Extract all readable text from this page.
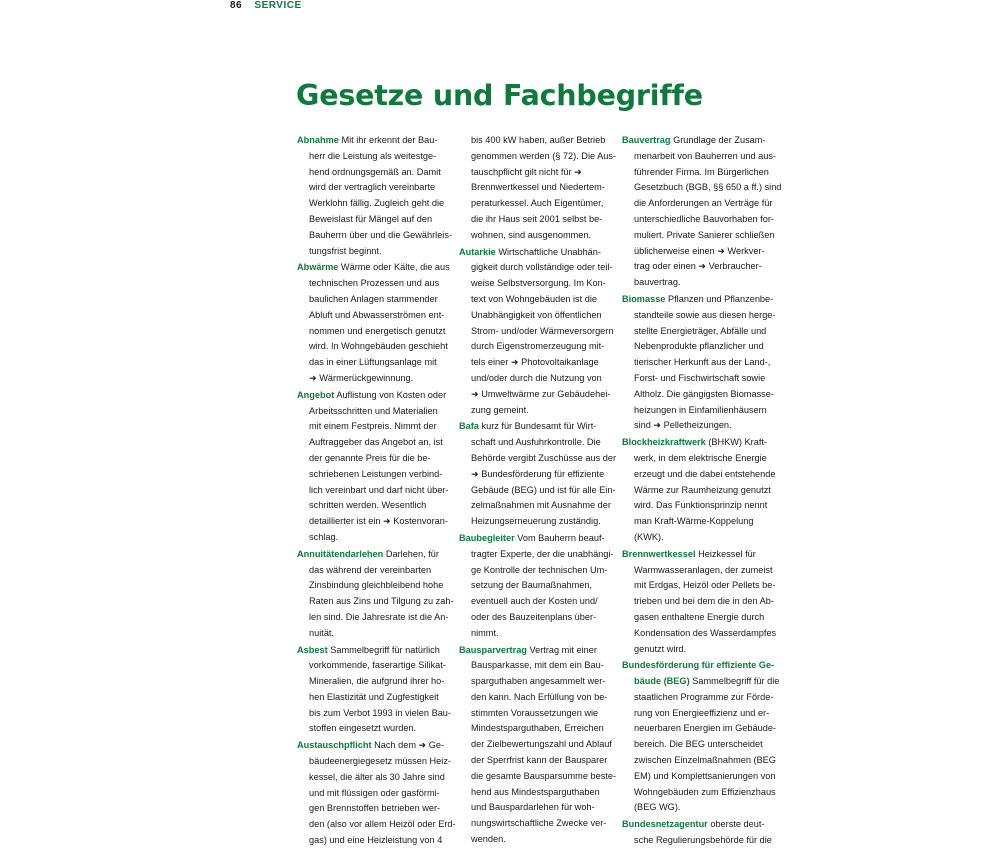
86 SERVICE
Gesetze und Fachbegriffe

Abnahme Mit ihr erkennt der Bau-
herr die Leistung als weitestge-
hend ordnungsgemäß an. Damit
wird der vertraglich vereinbarte
Werklohn fällig. Zugleich geht die
Beweislast für Mängel auf den
Bauherrn über und die Gewährleis-
tungsfrist beginnt.

Abwärme Wärme oder Kälte, die aus
technischen Prozessen und aus
baulichen Anlagen stammender
Abluft und Abwasserströmen ent-
nommen und energetisch genutzt
wird. In Wohngebäuden geschieht
das in einer Lüftungsanlage mit
➜ Wärmerückgewinnung.

Angebot Auflistung von Kosten oder
Arbeitsschritten und Materialien
mit einem Festpreis. Nimmt der
Auftraggeber das Angebot an, ist
der genannte Preis für die be-
schriebenen Leistungen verbind-
lich vereinbart und darf nicht über-
schritten werden. Wesentlich
detaillierter ist ein ➜ Kostenvoran-
schlag.

Annuitätendarlehen Darlehen, für
das während der vereinbarten
Zinsbindung gleichbleibend hohe
Raten aus Zins und Tilgung zu zah-
len sind. Die Jahresrate ist die An-
nuität.

Asbest Sammelbegriff für natürlich
vorkommende, faserartige Silikat-
Mineralien, die aufgrund ihrer ho-
hen Elastizität und Zugfestigkeit
bis zum Verbot 1993 in vielen Bau-
stoffen eingesetzt wurden.

Austauschpflicht Nach dem ➜ Ge-
bäudeenergiegesetz müssen Heiz-
kessel, die älter als 30 Jahre sind
und mit flüssigen oder gasförmi-
gen Brennstoffen betrieben wer-
den (also vor allem Heizöl oder Erd-
gas) und eine Heizleistung von 4

bis 400 kW haben, außer Betrieb
genommen werden (§ 72). Die Aus-
tauschpflicht gilt nicht für ➜
Brennwertkessel und Niedertem-
peraturkessel. Auch Eigentümer,
die ihr Haus seit 2001 selbst be-
wohnen, sind ausgenommen.

Autarkie Wirtschaftliche Unabhän-
gigkeit durch vollständige oder teil-
weise Selbstversorgung. Im Kon-
text von Wohngebäuden ist die
Unabhängigkeit von öffentlichen
Strom- und/oder Wärmeversorgern
durch Eigenstromerzeugung mit-
tels einer ➜ Photovoltaikanlage
und/oder durch die Nutzung von
➜ Umweltwärme zur Gebäudehei-
zung gemeint.

Bafa kurz für Bundesamt für Wirt-
schaft und Ausfuhrkontrolle. Die
Behörde vergibt Zuschüsse aus der
➜ Bundesförderung für effiziente
Gebäude (BEG) und ist für alle Ein-
zelmaßnahmen mit Ausnahme der
Heizungserneuerung zuständig.

Baubegleiter Vom Bauherrn beauf-
tragter Experte, der die unabhängi-
ge Kontrolle der technischen Um-
setzung der Baumaßnahmen,
eventuell auch der Kosten und/
oder des Bauzeitenplans über-
nimmt.

Bausparvertrag Vertrag mit einer
Bausparkasse, mit dem ein Bau-
sparguthaben angesammelt wer-
den kann. Nach Erfüllung von be-
stimmten Voraussetzungen wie
Mindestsparguthaben, Erreichen
der Zielbewertungszahl und Ablauf
der Sperrfrist kann der Bausparer
die gesamte Bausparsumme beste-
hend aus Mindestsparguthaben
und Bauspardarlehen für woh-
nungswirtschaftliche Zwecke ver-
wenden.

Bauvertrag Grundlage der Zusam-
menarbeit von Bauherren und aus-
führender Firma. Im Bürgerlichen
Gesetzbuch (BGB, §§ 650 a ff.) sind
die Anforderungen an Verträge für
unterschiedliche Bauvorhaben for-
muliert. Private Sanierer schließen
üblicherweise einen ➜ Werkver-
trag oder einen ➜ Verbraucher-
bauvertrag.

Biomasse Pflanzen und Pflanzenbe-
standteile sowie aus diesen herge-
stellte Energieträger, Abfälle und
Nebenprodukte pflanzlicher und
tierischer Herkunft aus der Land-,
Forst- und Fischwirtschaft sowie
Altholz. Die gängigsten Biomasse-
heizungen in Einfamilienhäusern
sind ➜ Pelletheizungen.

Blockheizkraftwerk (BHKW) Kraft-
werk, in dem elektrische Energie
erzeugt und die dabei entstehende
Wärme zur Raumheizung genutzt
wird. Das Funktionsprinzip nennt
man Kraft-Wärme-Koppelung
(KWK).

Brennwertkessel Heizkessel für
Warmwasseranlagen, der zumeist
mit Erdgas, Heizöl oder Pellets be-
trieben und bei dem die in den Ab-
gasen enthaltene Energie durch
Kondensation des Wasserdampfes
genutzt wird.

Bundesförderung für effiziente Ge-
bäude (BEG) Sammelbegriff für die
staatlichen Programme zur Förde-
rung von Energieeffizienz und er-
neuerbaren Energien im Gebäude-
bereich. Die BEG unterscheidet
zwischen Einzelmaßnahmen (BEG
EM) und Komplettsanierungen von
Wohngebäuden zum Effizienzhaus
(BEG WG).

Bundesnetzagentur oberste deut-
sche Regulierungsbehörde für die
